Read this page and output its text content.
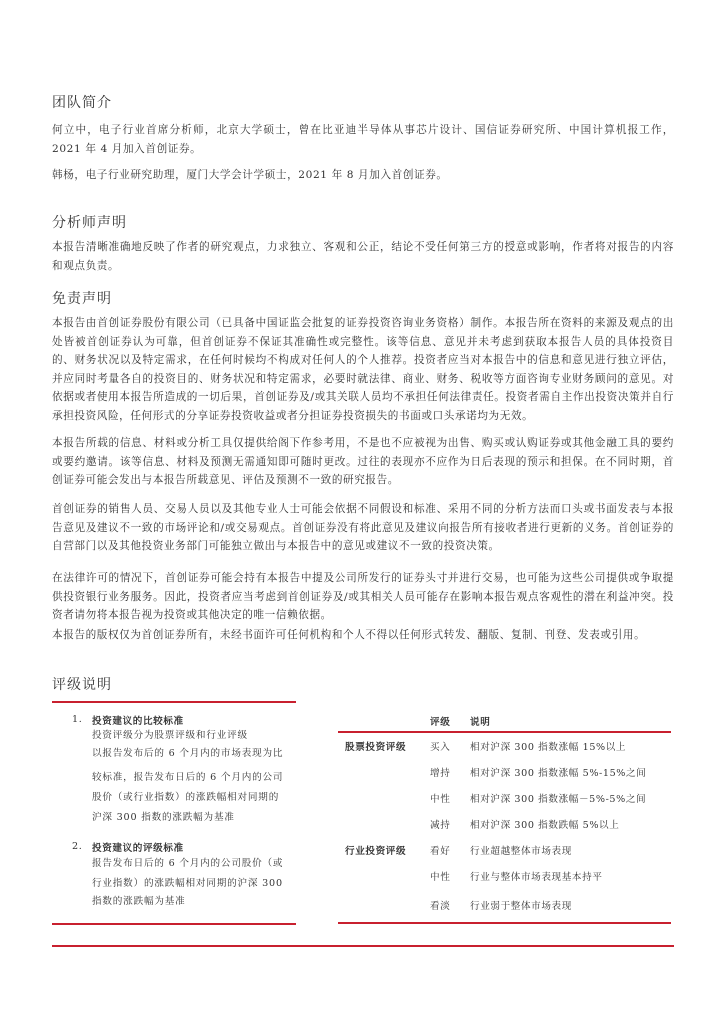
团队简介

何立中，电子行业首席分析师，北京大学硕士，曾在比亚迪半导体从事芯片设计、国信证券研究所、中国计算机报工作，2021 年 4 月加入首创证券。

韩杨，电子行业研究助理，厦门大学会计学硕士，2021 年 8 月加入首创证券。

分析师声明

本报告清晰准确地反映了作者的研究观点，力求独立、客观和公正，结论不受任何第三方的授意或影响，作者将对报告的内容和观点负责。

免责声明

本报告由首创证券股份有限公司（已具备中国证监会批复的证券投资咨询业务资格）制作。本报告所在资料的来源及观点的出处皆被首创证券认为可靠，但首创证券不保证其准确性或完整性。该等信息、意见并未考虑到获取本报告人员的具体投资目的、财务状况以及特定需求，在任何时候均不构成对任何人的个人推荐。投资者应当对本报告中的信息和意见进行独立评估，并应同时考量各自的投资目的、财务状况和特定需求，必要时就法律、商业、财务、税收等方面咨询专业财务顾问的意见。对依据或者使用本报告所造成的一切后果，首创证券及/或其关联人员均不承担任何法律责任。投资者需自主作出投资决策并自行承担投资风险，任何形式的分享证券投资收益或者分担证券投资损失的书面或口头承诺均为无效。

本报告所载的信息、材料或分析工具仅提供给阁下作参考用，不是也不应被视为出售、购买或认购证券或其他金融工具的要约或要约邀请。该等信息、材料及预测无需通知即可随时更改。过往的表现亦不应作为日后表现的预示和担保。在不同时期，首创证券可能会发出与本报告所载意见、评估及预测不一致的研究报告。

首创证券的销售人员、交易人员以及其他专业人士可能会依据不同假设和标准、采用不同的分析方法而口头或书面发表与本报告意见及建议不一致的市场评论和/或交易观点。首创证券没有将此意见及建议向报告所有接收者进行更新的义务。首创证券的自营部门以及其他投资业务部门可能独立做出与本报告中的意见或建议不一致的投资决策。

在法律许可的情况下，首创证券可能会持有本报告中提及公司所发行的证券头寸并进行交易，也可能为这些公司提供或争取提供投资银行业务服务。因此，投资者应当考虑到首创证券及/或其相关人员可能存在影响本报告观点客观性的潜在利益冲突。投资者请勿将本报告视为投资或其他决定的唯一信赖依据。

本报告的版权仅为首创证券所有，未经书面许可任何机构和个人不得以任何形式转发、翻版、复制、刊登、发表或引用。

评级说明
1. 投资建议的比较标准
投资评级分为股票评级和行业评级
以报告发布后的 6 个月内的市场表现为比
较标准，报告发布日后的 6 个月内的公司
股价（或行业指数）的涨跌幅相对同期的
沪深 300 指数的涨跌幅为基准
2. 投资建议的评级标准
报告发布日后的 6 个月内的公司股价（或
行业指数）的涨跌幅相对同期的沪深 300
指数的涨跌幅为基准
评级 说明
股票投资评级 买入 相对沪深 300 指数涨幅 15%以上
增持 相对沪深 300 指数涨幅 5%-15%之间
中性 相对沪深 300 指数涨幅－5%-5%之间
减持 相对沪深 300 指数跌幅 5%以上
行业投资评级 看好 行业超越整体市场表现
中性 行业与整体市场表现基本持平
看淡 行业弱于整体市场表现
